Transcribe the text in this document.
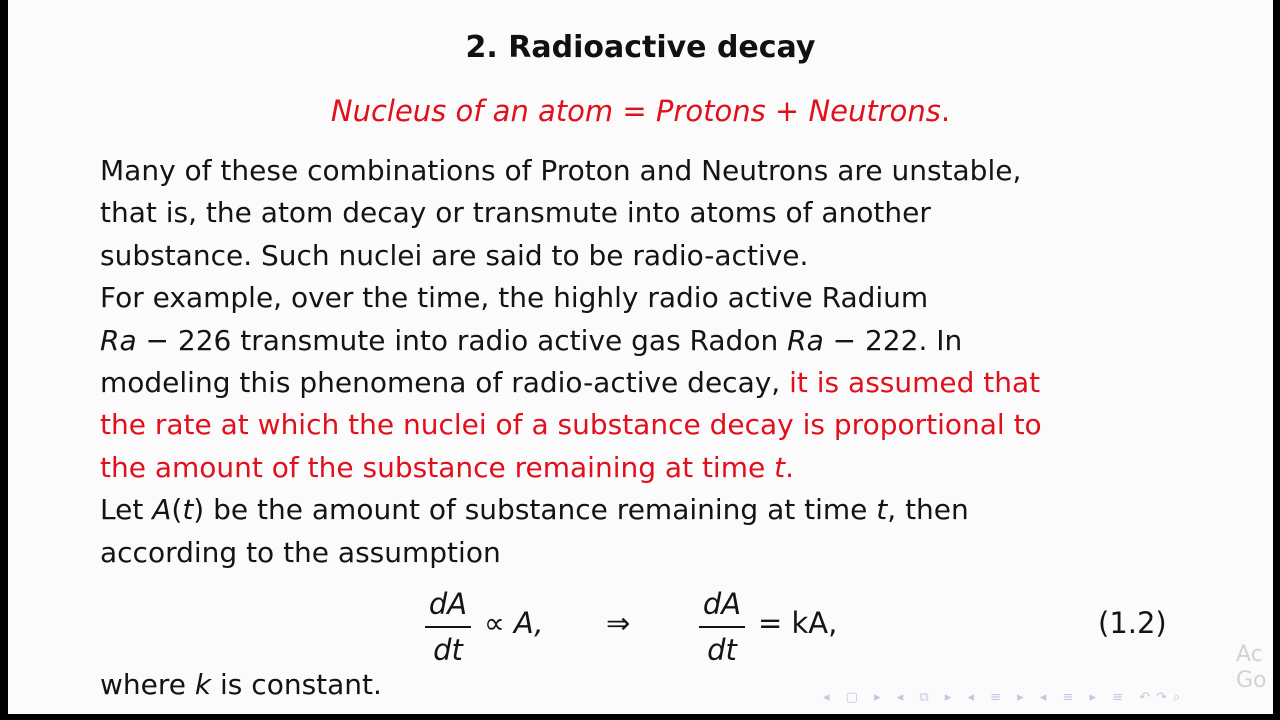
2. Radioactive decay
Nucleus of an atom = Protons + Neutrons.
Many of these combinations of Proton and Neutrons are unstable,
that is, the atom decay or transmute into atoms of another
substance. Such nuclei are said to be radio-active.
For example, over the time, the highly radio active Radium
Ra − 226 transmute into radio active gas Radon Ra − 222. In
modeling this phenomena of radio-active decay, it is assumed that
the rate at which the nuclei of a substance decay is proportional to
the amount of the substance remaining at time t.
Let A(t) be the amount of substance remaining at time t, then
according to the assumption
dA
dt
∝ A, ⇒
dA
dt
= kA,	(1.2)
where k is constant.	◂ ▢ ▸ ◂ ⧉ ▸ ◂ ≡ ▸ ◂ ≡ ▸ ≡ ↶↷⌕
Ac
Go
